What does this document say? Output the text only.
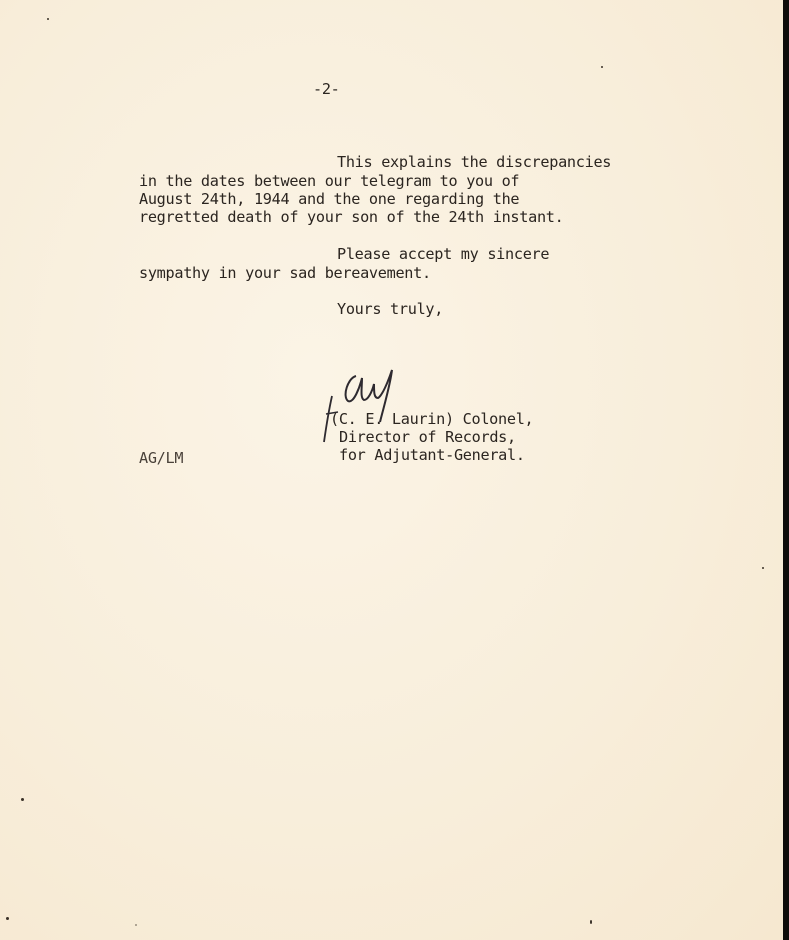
-2-
This explains the discrepancies
in the dates between our telegram to you of
August 24th, 1944 and the one regarding the
regretted death of your son of the 24th instant.
Please accept my sincere
sympathy in your sad bereavement.
Yours truly,
(C. E. Laurin) Colonel,
Director of Records,
for Adjutant-General.
AG/LM
